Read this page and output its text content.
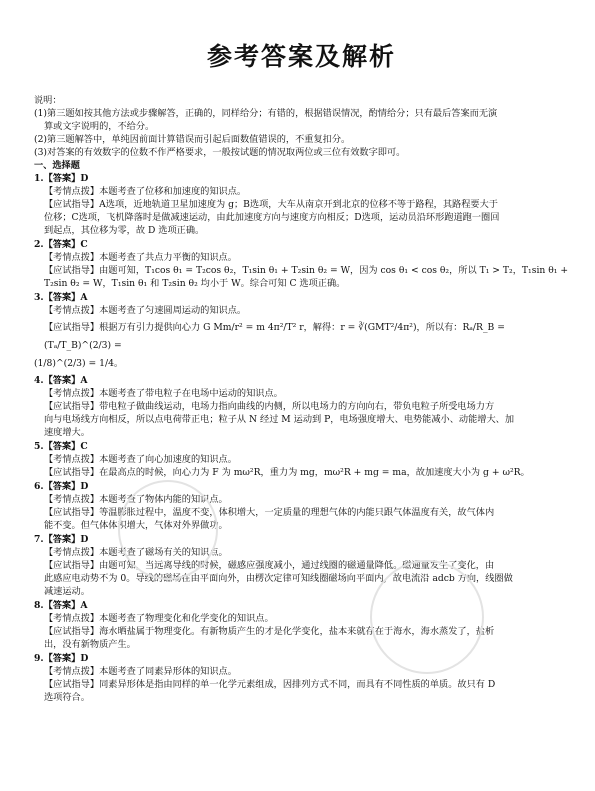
参考答案及解析

说明：

(1)第三题如按其他方法或步骤解答，正确的，同样给分；有错的，根据错误情况，酌情给分；只有最后答案而无演

算或文字说明的，不给分。

(2)第三题解答中，单纯因前面计算错误而引起后面数值错误的，不重复扣分。

(3)对答案的有效数字的位数不作严格要求，一般按试题的情况取两位或三位有效数字即可。

一、选择题

1.【答案】D

【考情点拨】本题考查了位移和加速度的知识点。

【应试指导】A选项，近地轨道卫星加速度为 g；B选项，大车从南京开到北京的位移不等于路程，其路程要大于

位移；C选项，飞机降落时是做减速运动，由此加速度方向与速度方向相反；D选项，运动员沿环形跑道跑一圈回

到起点，其位移为零，故 D 选项正确。

2.【答案】C

【考情点拨】本题考查了共点力平衡的知识点。

【应试指导】由题可知，T₁cos θ₁ = T₂cos θ₂，T₁sin θ₁ + T₂sin θ₂ = W，因为 cos θ₁ < cos θ₂，所以 T₁ > T₂，T₁sin θ₁ +

T₂sin θ₂ = W，T₁sin θ₁ 和 T₂sin θ₂ 均小于 W。综合可知 C 选项正确。

3.【答案】A

【考情点拨】本题考查了匀速圆周运动的知识点。

【应试指导】根据万有引力提供向心力 G Mm/r² = m 4π²/T² r，解得：r = ∛(GMT²/4π²)，所以有：Rₐ/R_B = (Tₐ/T_B)^(2/3) =

(1/8)^(2/3) = 1/4。

4.【答案】A

【考情点拨】本题考查了带电粒子在电场中运动的知识点。

【应试指导】带电粒子做曲线运动，电场力指向曲线的内侧，所以电场力的方向向右，带负电粒子所受电场力方

向与电场线方向相反，所以点电荷带正电；粒子从 N 经过 M 运动到 P，电场强度增大、电势能减小、动能增大、加

速度增大。

5.【答案】C

【考情点拨】本题考查了向心加速度的知识点。

【应试指导】在最高点的时候，向心力为 F 为 mω²R，重力为 mg，mω²R + mg = ma，故加速度大小为 g + ω²R。

6.【答案】D

【考情点拨】本题考查了物体内能的知识点。

【应试指导】等温膨胀过程中，温度不变，体积增大，一定质量的理想气体的内能只跟气体温度有关，故气体内

能不变。但气体体积增大，气体对外界做功。

7.【答案】D

【考情点拨】本题考查了磁场有关的知识点。

【应试指导】由题可知，当远离导线的时候，磁感应强度减小，通过线圈的磁通量降低。磁通量发生了变化，由

此感应电动势不为 0。导线的磁场在由平面向外，由楞次定律可知线圈磁场向平面内，故电流沿 adcb 方向，线圈做

减速运动。

8.【答案】A

【考情点拨】本题考查了物理变化和化学变化的知识点。

【应试指导】海水晒盐属于物理变化。有新物质产生的才是化学变化，盐本来就存在于海水，海水蒸发了，盐析

出，没有新物质产生。

9.【答案】D

【考情点拨】本题考查了同素异形体的知识点。

【应试指导】同素异形体是指由同样的单一化学元素组成，因排列方式不同，而具有不同性质的单质。故只有 D

选项符合。
